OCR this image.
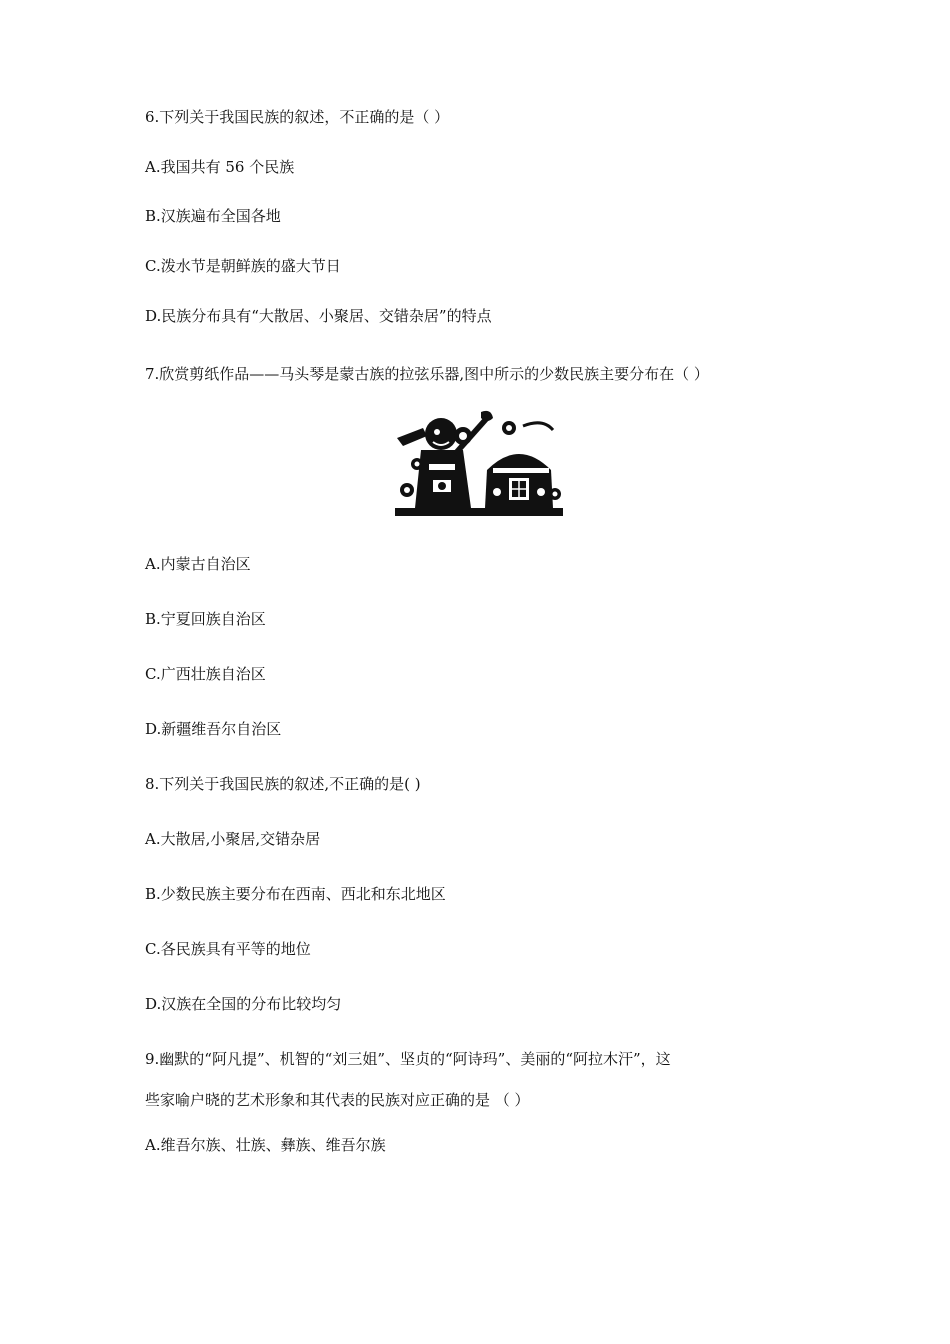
6.下列关于我国民族的叙述，不正确的是（ ）
A.我国共有 56 个民族
B.汉族遍布全国各地
C.泼水节是朝鲜族的盛大节日
D.民族分布具有“大散居、小聚居、交错杂居”的特点
7.欣赏剪纸作品——马头琴是蒙古族的拉弦乐器,图中所示的少数民族主要分布在（ ）
A.内蒙古自治区
B.宁夏回族自治区
C.广西壮族自治区
D.新疆维吾尔自治区
8.下列关于我国民族的叙述,不正确的是( )
A.大散居,小聚居,交错杂居
B.少数民族主要分布在西南、西北和东北地区
C.各民族具有平等的地位
D.汉族在全国的分布比较均匀
9.幽默的“阿凡提”、机智的“刘三姐”、坚贞的“阿诗玛”、美丽的“阿拉木汗”，这
些家喻户晓的艺术形象和其代表的民族对应正确的是 （ ）
A.维吾尔族、壮族、彝族、维吾尔族
